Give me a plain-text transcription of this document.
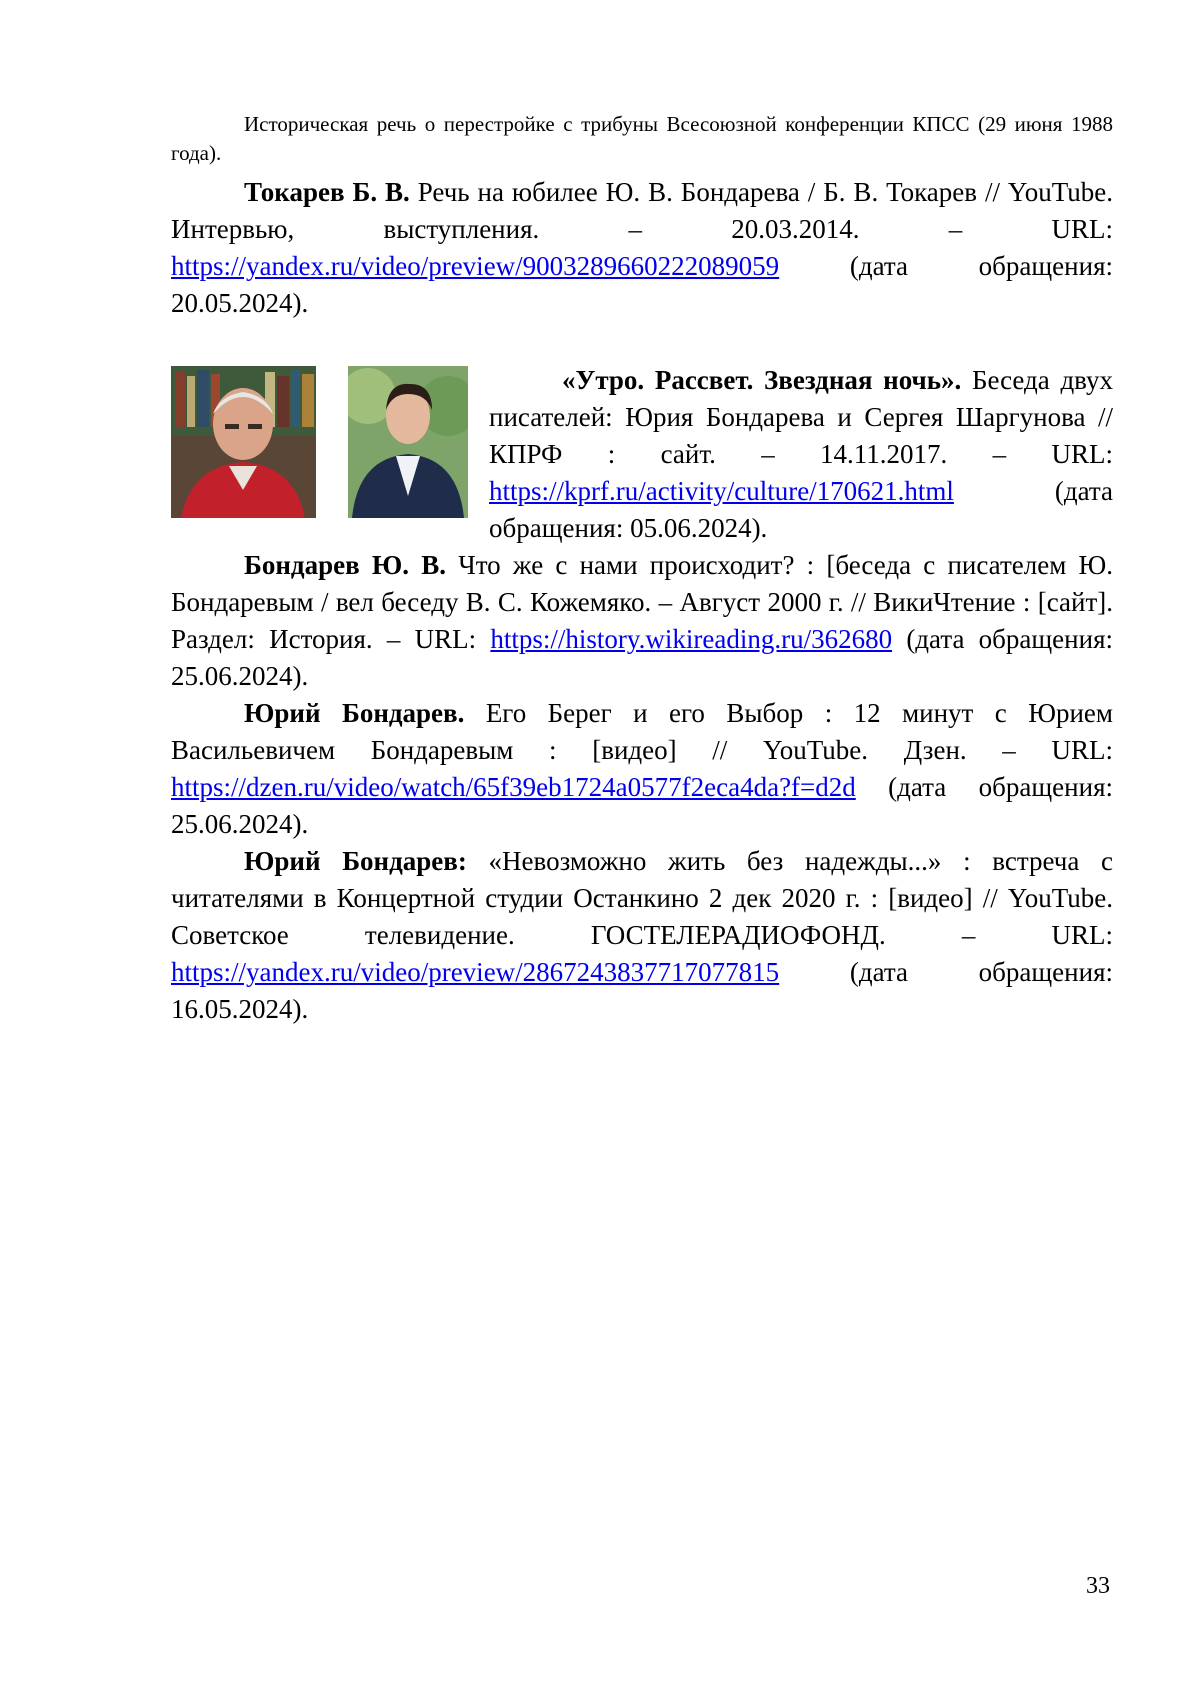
Историческая речь о перестройке с трибуны Всесоюзной конференции КПСС (29 июня 1988 года).

Токарев Б. В. Речь на юбилее Ю. В. Бондарева / Б. В. Токарев // YouTube. Интервью, выступления. – 20.03.2014. – URL: https://yandex.ru/video/preview/9003289660222089059 (дата обращения: 20.05.2024).

«Утро. Рассвет. Звездная ночь». Беседа двух писателей: Юрия Бондарева и Сергея Шаргунова // КПРФ : сайт. – 14.11.2017. – URL: https://kprf.ru/activity/culture/170621.html (дата обращения: 05.06.2024).

Бондарев Ю. В. Что же с нами происходит? : [беседа с писателем Ю. Бондаревым / вел беседу В. С. Кожемяко. – Август 2000 г. // ВикиЧтение : [сайт]. Раздел: История. – URL: https://history.wikireading.ru/362680 (дата обращения: 25.06.2024).

Юрий Бондарев. Его Берег и его Выбор : 12 минут с Юрием Васильевичем Бондаревым : [видео] // YouTube. Дзен. – URL: https://dzen.ru/video/watch/65f39eb1724a0577f2eca4da?f=d2d (дата обращения: 25.06.2024).

Юрий Бондарев: «Невозможно жить без надежды...» : встреча с читателями в Концертной студии Останкино 2 дек 2020 г. : [видео] // YouTube. Советское телевидение. ГОСТЕЛЕРАДИОФОНД. – URL: https://yandex.ru/video/preview/2867243837717077815 (дата обращения: 16.05.2024).

33
